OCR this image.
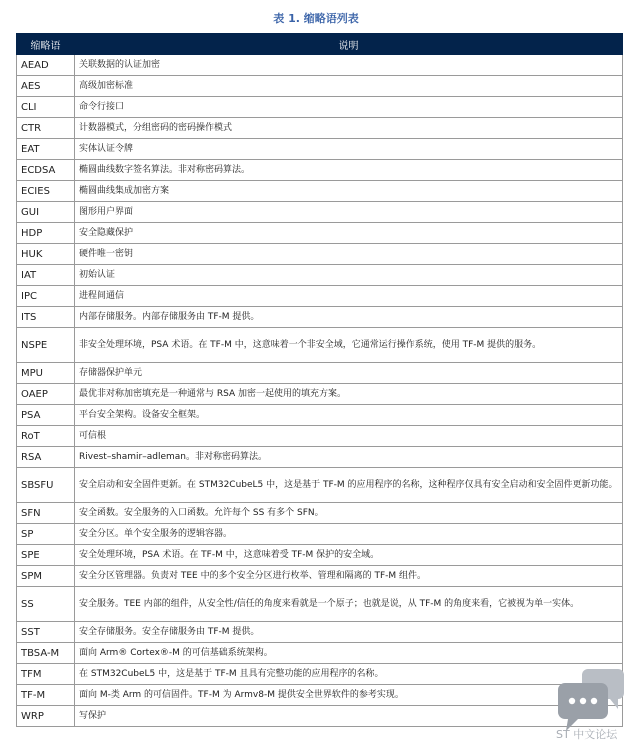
表 1. 缩略语列表
缩略语	说明
AEAD	关联数据的认证加密
AES	高级加密标准
CLI	命令行接口
CTR	计数器模式，分组密码的密码操作模式
EAT	实体认证令牌
ECDSA	椭圆曲线数字签名算法。非对称密码算法。
ECIES	椭圆曲线集成加密方案
GUI	图形用户界面
HDP	安全隐藏保护
HUK	硬件唯一密钥
IAT	初始认证
IPC	进程间通信
ITS	内部存储服务。内部存储服务由 TF-M 提供。
NSPE	非安全处理环境，PSA 术语。在 TF-M 中，这意味着一个非安全域，它通常运行操作系统，使用 TF-M 提供的服务。
MPU	存储器保护单元
OAEP	最优非对称加密填充是一种通常与 RSA 加密一起使用的填充方案。
PSA	平台安全架构。设备安全框架。
RoT	可信根
RSA	Rivest–shamir–adleman。非对称密码算法。
SBSFU	安全启动和安全固件更新。在 STM32CubeL5 中，这是基于 TF-M 的应用程序的名称，这种程序仅具有安全启动和安全固件更新功能。
SFN	安全函数。安全服务的入口函数。允许每个 SS 有多个 SFN。
SP	安全分区。单个安全服务的逻辑容器。
SPE	安全处理环境，PSA 术语。在 TF-M 中，这意味着受 TF-M 保护的安全域。
SPM	安全分区管理器。负责对 TEE 中的多个安全分区进行枚举、管理和隔离的 TF-M 组件。
SS	安全服务。TEE 内部的组件，从安全性/信任的角度来看就是一个原子；也就是说，从 TF-M 的角度来看，它被视为单一实体。
SST	安全存储服务。安全存储服务由 TF-M 提供。
TBSA-M	面向 Arm® Cortex®-M 的可信基础系统架构。
TFM	在 STM32CubeL5 中，这是基于 TF-M 且具有完整功能的应用程序的名称。
TF-M	面向 M-类 Arm 的可信固件。TF-M 为 Armv8-M 提供安全世界软件的参考实现。
WRP	写保护
ST 中文论坛
